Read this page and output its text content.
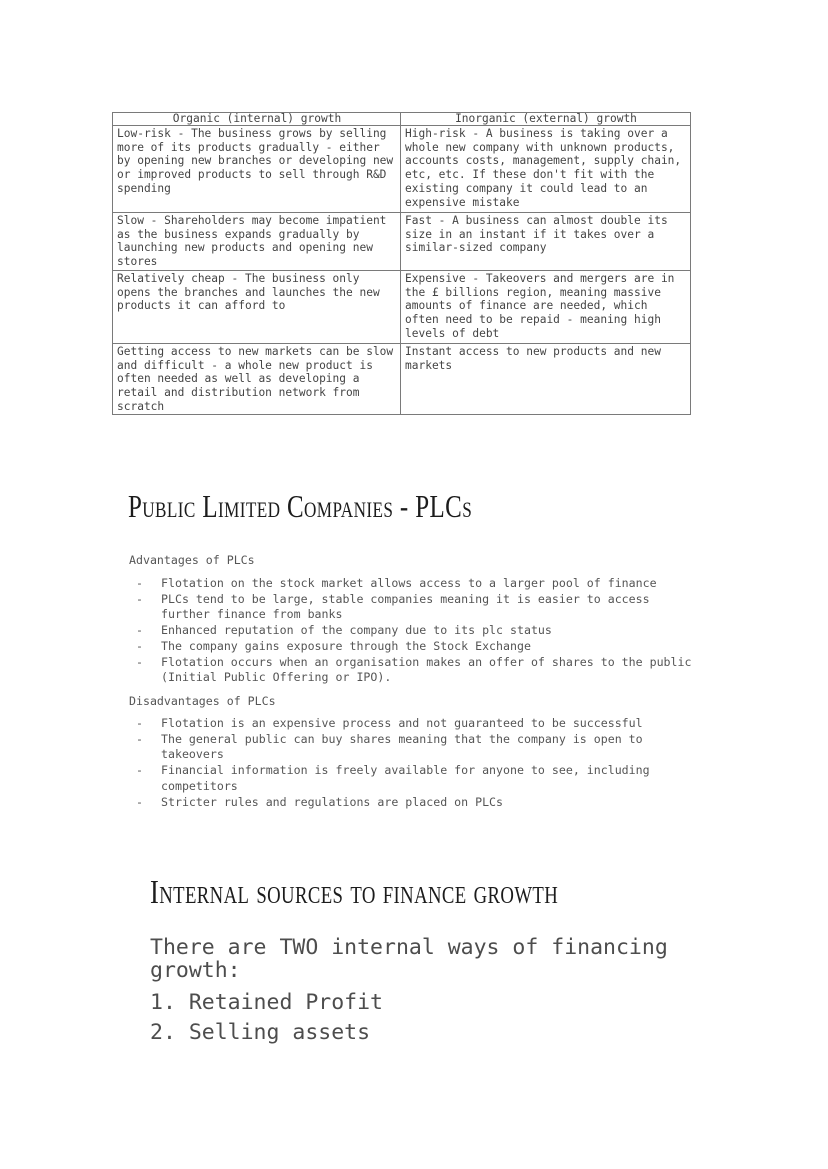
Organic (internal) growth	Inorganic (external) growth
Low-risk - The business grows by selling more of its products gradually - either by opening new branches or developing new or improved products to sell through R&D spending	High-risk - A business is taking over a whole new company with unknown products, accounts costs, management, supply chain, etc, etc. If these don't fit with the existing company it could lead to an expensive mistake
Slow - Shareholders may become impatient as the business expands gradually by launching new products and opening new stores	Fast - A business can almost double its size in an instant if it takes over a similar-sized company
Relatively cheap - The business only opens the branches and launches the new products it can afford to	Expensive - Takeovers and mergers are in the £ billions region, meaning massive amounts of finance are needed, which often need to be repaid - meaning high levels of debt
Getting access to new markets can be slow and difficult - a whole new product is often needed as well as developing a retail and distribution network from scratch	Instant access to new products and new markets
Public Limited Companies - PLCs
Advantages of PLCs
- Flotation on the stock market allows access to a larger pool of finance
- PLCs tend to be large, stable companies meaning it is easier to access further finance from banks
- Enhanced reputation of the company due to its plc status
- The company gains exposure through the Stock Exchange
- Flotation occurs when an organisation makes an offer of shares to the public (Initial Public Offering or IPO).
Disadvantages of PLCs
- Flotation is an expensive process and not guaranteed to be successful
- The general public can buy shares meaning that the company is open to takeovers
- Financial information is freely available for anyone to see, including competitors
- Stricter rules and regulations are placed on PLCs
Internal sources to finance growth
There are TWO internal ways of financing growth:
1. Retained Profit
2. Selling assets
